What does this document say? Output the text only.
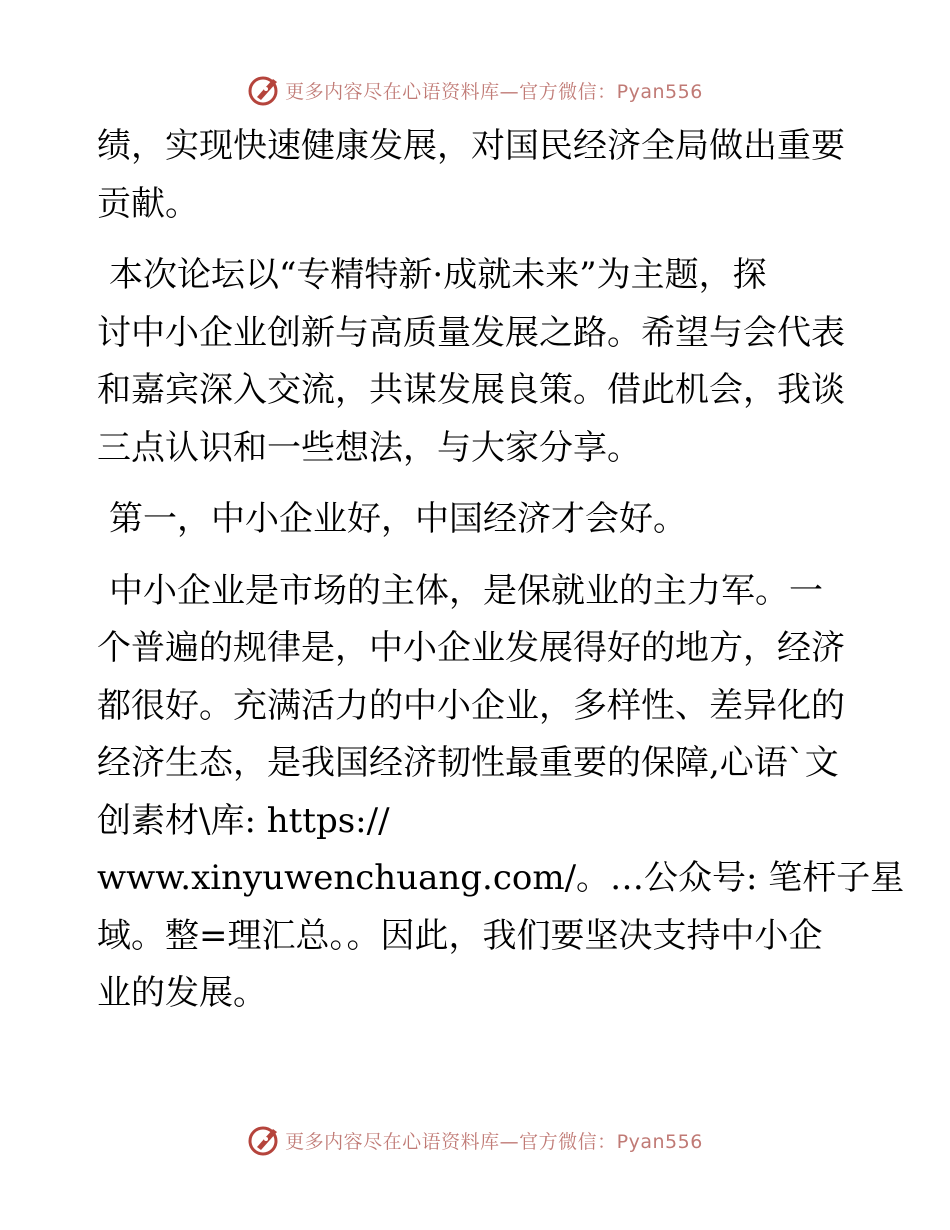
更多内容尽在心语资料库—官方微信：Pyan556
绩，实现快速健康发展，对国民经济全局做出重要
贡献。
本次论坛以“专精特新·成就未来”为主题，探
讨中小企业创新与高质量发展之路。希望与会代表
和嘉宾深入交流，共谋发展良策。借此机会，我谈
三点认识和一些想法，与大家分享。
第一，中小企业好，中国经济才会好。
中小企业是市场的主体，是保就业的主力军。一
个普遍的规律是，中小企业发展得好的地方，经济
都很好。充满活力的中小企业，多样性、差异化的
经济生态，是我国经济韧性最重要的保障,心语`文
创素材\库: https://
www.xinyuwenchuang.com/。…公众号: 笔杆子星
域。整=理汇总。。因此，我们要坚决支持中小企
业的发展。
更多内容尽在心语资料库—官方微信：Pyan556
